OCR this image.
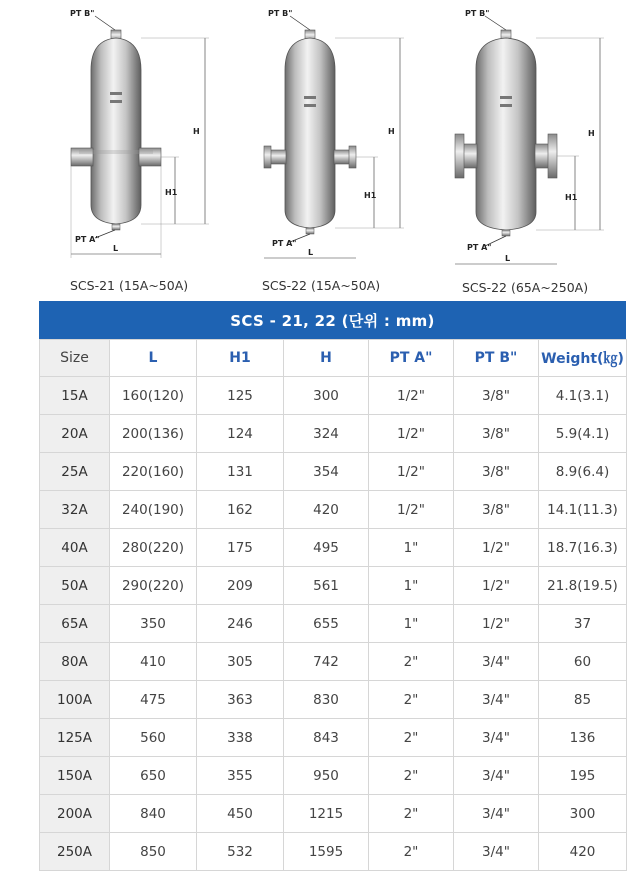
PT B"
PT A"
H
H1
L
SCS-21 (15A~50A)
PT B"
PT A"
H
H1
L
SCS-22 (15A~50A)
PT B"
PT A"
H
H1
L
SCS-22 (65A~250A)
SCS - 21, 22 (단위 : mm)
Size	L	H1	H	PT A"	PT B"	Weight(㎏)
15A	160(120)	125	300	1/2"	3/8"	4.1(3.1)
20A	200(136)	124	324	1/2"	3/8"	5.9(4.1)
25A	220(160)	131	354	1/2"	3/8"	8.9(6.4)
32A	240(190)	162	420	1/2"	3/8"	14.1(11.3)
40A	280(220)	175	495	1"	1/2"	18.7(16.3)
50A	290(220)	209	561	1"	1/2"	21.8(19.5)
65A	350	246	655	1"	1/2"	37
80A	410	305	742	2"	3/4"	60
100A	475	363	830	2"	3/4"	85
125A	560	338	843	2"	3/4"	136
150A	650	355	950	2"	3/4"	195
200A	840	450	1215	2"	3/4"	300
250A	850	532	1595	2"	3/4"	420
